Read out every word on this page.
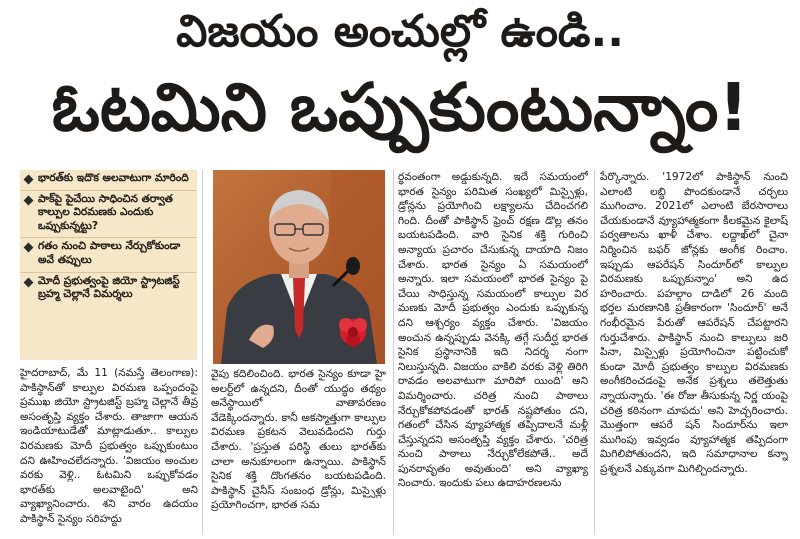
విజయం అంచుల్లో ఉండి..
ఓటమిని ఒప్పుకుంటున్నాం!
భారత్‌కు ఇదొక అలవాటుగా మారింది
పాక్‌పై పైచేయి సాధించిన తర్వాత కాల్పుల విరమణకు ఎందుకు ఒప్పుకున్నట్టు?
గతం నుంచి పాఠాలు నేర్చుకోకుండా అవే తప్పులు
మోదీ ప్రభుత్వంపై జియో స్ట్రాటజిస్ట్ బ్రహ్మ చెల్లానే విమర్శలు

హైదరాబాద్, మే 11 (నమస్తే తెలంగాణ): పాకిస్థాన్‌తో కాల్పుల విరమణ ఒప్పందంపై ప్రముఖ జియో స్ట్రాటజిస్ట్ బ్రహ్మ చెల్లానే తీవ్ర అసంతృప్తి వ్యక్తం చేశారు. తాజాగా ఆయన ఇండియాటుడేతో మాట్లాడుతూ.. కాల్పుల విరమణకు మోదీ ప్రభుత్వం ఒప్పుకుంటుం దని ఊహించలేదన్నారు. 'విజయం అంచుల వరకు వెళ్లి.. ఓటమిని ఒప్పుకోవడం భారత్‌కు అలవాటైంది' అని వ్యాఖ్యానించారు. శని వారం ఉదయం పాకిస్థాన్ సైన్యం సరిహద్దు

వైపు కదిలించింది. భారత సైన్యం కూడా హై అలర్ట్‌లో ఉన్నదని, దీంతో యుద్ధం తథ్యం అనేస్థాయిలో వాతావరణం వేడెక్కిందన్నారు. కానీ అకస్మాత్తుగా కాల్పుల విరమణ ప్రకటన వెలువడిందని గుర్తు చేశారు. 'ప్రస్తుత పరిస్థి తులు భారత్‌కు చాలా అనుకూలంగా ఉన్నాయి. పాకిస్థాన్ సైనిక శక్తి దొంగతనం బయటపడింది. పాకిస్థాన్ చైనీస్ సంబంధ డ్రోన్లు, మిస్సైళ్లు ప్రయోగించగా, భారత సమ

ర్థవంతంగా అడ్డుకున్నది. ఇదే సమయంలో భారత సైన్యం పరిమిత సంఖ్యలో మిస్సైళ్లు, డ్రోన్లను ప్రయోగించి లక్ష్యాలను చేదించగలి గింది. దీంతో పాకిస్థాన్ ఫ్రెంచ్ రక్షణ డొల్ల తనం బయటపడింది. వారి సైనిక శక్తి గురించి అన్యాయ ప్రచారం చేసుకున్న దాయాది నిజం చేశారు. భారత సైన్యం ఏ సమయంలో అన్నారు. ఇలా సమయంలో భారత సైన్యం పై చేయి సాధిస్తున్న సమయంలో కాల్పుల విర మణకు మోదీ ప్రభుత్వం ఎందుకు ఒప్పుకున్న దని ఆశ్చర్యం వ్యక్తం చేశారు. 'విజయం అంచున ఉన్నప్పుడు వెనక్కి తగ్గే సుదీర్ఘ భారత సైనిక ప్రస్థానానికి ఇది నిదర్శ నంగా నిలుస్తున్నది. విజయం వాకిలి వరకు వెళ్లి తిరిగి రావడం అలవాటుగా మారిపో యింది' అని విమర్శించారు. చరిత్ర నుంచి పాఠాలు నేర్చుకోకపోవడంతో భారత్ నష్టపోతుం దని, గతంలో చేసిన వ్యూహాత్మక తప్పిదాలనే మళ్లీ చేస్తున్నదని అసంతృప్తి వ్యక్తం చేశారు. 'చరిత్ర నుంచి పాఠాలు నేర్చుకోలేకపోతే.. అదే పునరావృతం అవుతుంది' అని వ్యాఖ్యా నించారు. ఇందుకు పలు ఉదాహరణలను

పేర్కొన్నారు. '1972లో పాకిస్థాన్ నుంచి ఎలాంటి లబ్ధి పొందకుండానే చర్చలు ముగించాం. 2021లో ఎలాంటి బేరసారాలు చేయకుండానే వ్యూహాత్మకంగా కీలకమైన కైలాష్ పర్వతాలను ఖాళీ చేశాం. లద్దాఖ్‌లో చైనా నిర్మించిన బఫర్ జోన్లకు అంగీక రించాం. ఇప్పుడు ఆపరేషన్ సిందూర్‌లో కాల్పుల విరమణకు ఒప్పుకున్నాం' అని ఉద హరించారు. పహల్గాం దాడిలో 26 మంది భర్తల మరణానికి ప్రతీకారంగా 'సిందూర్' అనే గంభీరమైన పేరుతో ఆపరేషన్ చేపట్టారని గుర్తుచేశారు. పాకిస్థాన్ నుంచి కాల్పులు జరి పినా, మిస్సైళ్లు ప్రయోగించినా పట్టించుకో కుండా మోదీ ప్రభుత్వం కాల్పుల విరమణకు అంగీకరించడంపై అనేక ప్రశ్నలు తలెత్తుతు న్నాయన్నారు. 'ఈ రోజు తీసుకున్న నిర్ణ యంపై చరిత్ర కఠినంగా చూపదు' అని హెచ్చరించారు. మొత్తంగా ఆపరే షన్ సిందూర్‌ను ఇలా ముగింపు ఇవ్వడం వ్యూహాత్మక తప్పిదంగా మిగిలిపోతుందని, ఇది సమాధానాల కన్నా ప్రశ్నలనే ఎక్కువగా మిగిల్చిందన్నారు.
